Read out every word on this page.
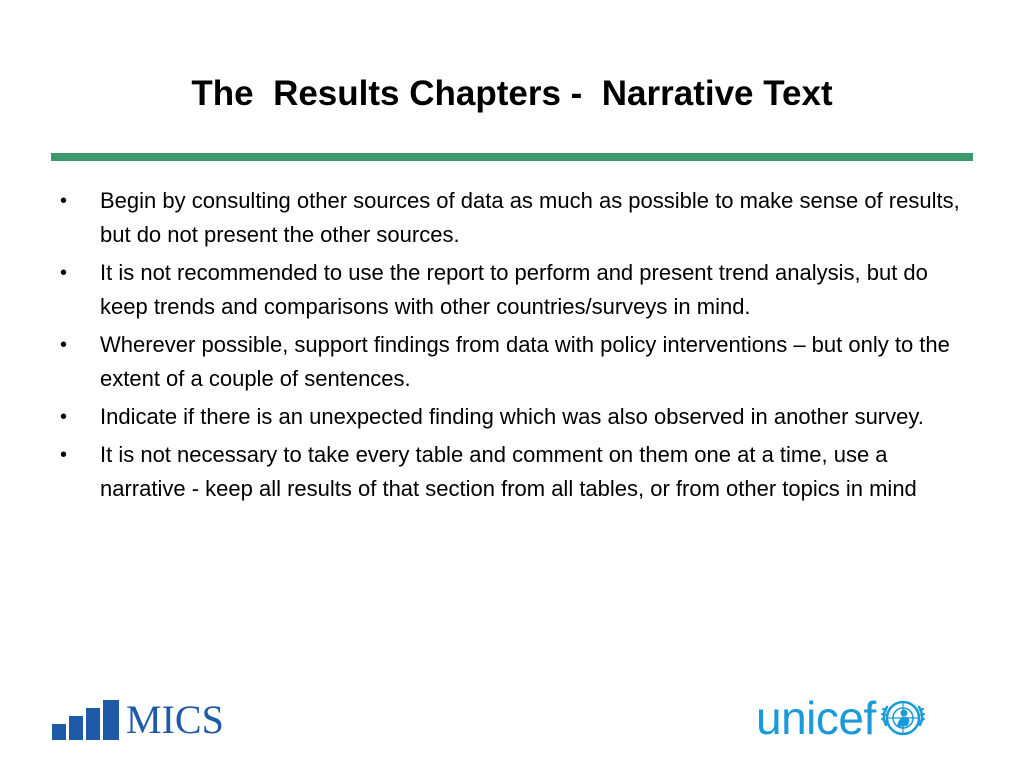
The  Results Chapters -  Narrative Text
•	Begin by consulting other sources of data as much as possible to make sense of results, but do not present the other sources.
•	It is not recommended to use the report to perform and present trend analysis, but do keep trends and comparisons with other countries/surveys in mind.
•	Wherever possible, support findings from data with policy interventions – but only to the extent of a couple of sentences.
•	Indicate if there is an unexpected finding which was also observed in another survey.
•	It is not necessary to take every table and comment on them one at a time, use a narrative - keep all results of that section from all tables, or from other topics in mind
MICS	unicef
